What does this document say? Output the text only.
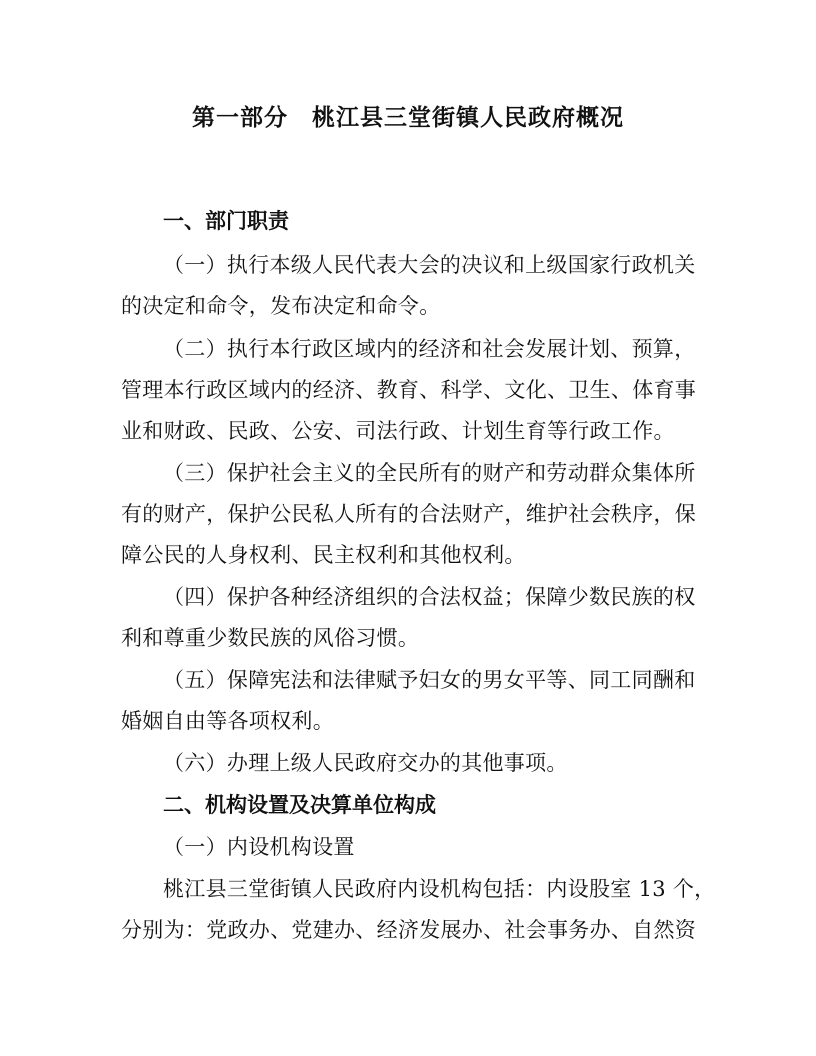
第一部分　桃江县三堂街镇人民政府概况
一、部门职责
（一）执行本级人民代表大会的决议和上级国家行政机关
的决定和命令，发布决定和命令。
（二）执行本行政区域内的经济和社会发展计划、预算，
管理本行政区域内的经济、教育、科学、文化、卫生、体育事
业和财政、民政、公安、司法行政、计划生育等行政工作。
（三）保护社会主义的全民所有的财产和劳动群众集体所
有的财产，保护公民私人所有的合法财产，维护社会秩序，保
障公民的人身权利、民主权利和其他权利。
（四）保护各种经济组织的合法权益；保障少数民族的权
利和尊重少数民族的风俗习惯。
（五）保障宪法和法律赋予妇女的男女平等、同工同酬和
婚姻自由等各项权利。
（六）办理上级人民政府交办的其他事项。
二、机构设置及决算单位构成
（一）内设机构设置
桃江县三堂街镇人民政府内设机构包括：内设股室 13 个，
分别为：党政办、党建办、经济发展办、社会事务办、自然资
